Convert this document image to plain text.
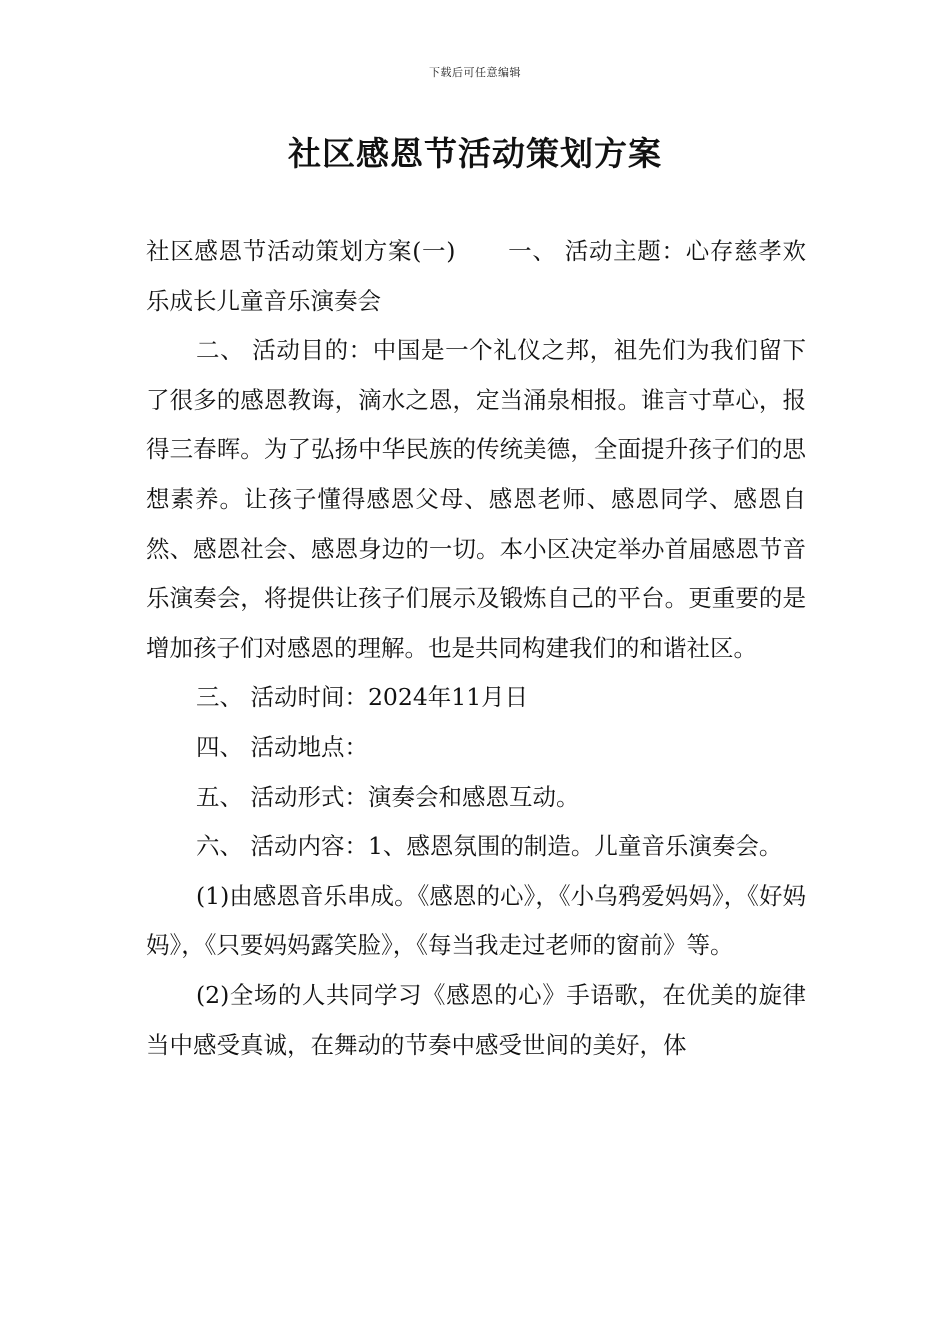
下载后可任意编辑
社区感恩节活动策划方案

社区感恩节活动策划方案(一) 一、 活动主题：心存慈孝欢乐成长儿童音乐演奏会

二、 活动目的：中国是一个礼仪之邦，祖先们为我们留下了很多的感恩教诲，滴水之恩，定当涌泉相报。谁言寸草心，报得三春晖。为了弘扬中华民族的传统美德，全面提升孩子们的思想素养。让孩子懂得感恩父母、感恩老师、感恩同学、感恩自然、感恩社会、感恩身边的一切。本小区决定举办首届感恩节音乐演奏会，将提供让孩子们展示及锻炼自己的平台。更重要的是增加孩子们对感恩的理解。也是共同构建我们的和谐社区。

三、 活动时间：2024年11月日

四、 活动地点：

五、 活动形式：演奏会和感恩互动。

六、 活动内容：1、感恩氛围的制造。儿童音乐演奏会。

(1)由感恩音乐串成。《感恩的心》，《小乌鸦爱妈妈》，《好妈妈》，《只要妈妈露笑脸》，《每当我走过老师的窗前》等。

(2)全场的人共同学习《感恩的心》手语歌，在优美的旋律当中感受真诚，在舞动的节奏中感受世间的美好，体
